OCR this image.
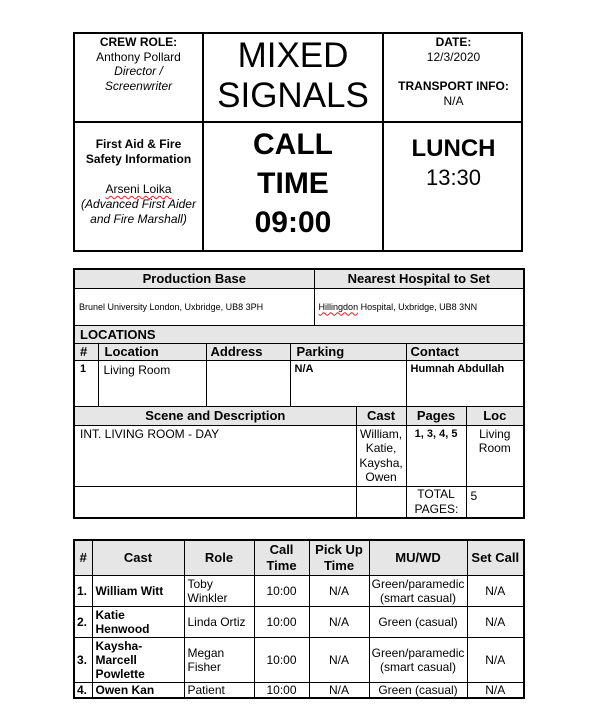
CREW ROLE:
Anthony Pollard
Director /
Screenwriter
MIXED
SIGNALS
DATE:
12/3/2020
TRANSPORT INFO:
N/A
First Aid & Fire
Safety Information
Arseni Loika
(Advanced First Aider
and Fire Marshall)
CALL
TIME
09:00
LUNCH
13:30
Production Base				Nearest Hospital to Set			
Brunel University London, Uxbridge, UB8 3PH				Hillingdon Hospital, Uxbridge, UB8 3NN			
LOCATIONS							
#	Location	Address	Parking			Contact	
1	Living Room		N/A			Humnah Abdullah	
Scene and Description					Cast	Pages	Loc
INT. LIVING ROOM - DAY					William, Katie, Kaysha, Owen	1, 3, 4, 5	Living Room
						TOTAL PAGES:	5
#	Cast	Role	Call Time	Pick Up Time	MU/WD	Set Call
1.	William Witt	Toby Winkler	10:00	N/A	Green/paramedic (smart casual)	N/A
2.	Katie Henwood	Linda Ortiz	10:00	N/A	Green (casual)	N/A
3.	Kaysha-Marcell Powlette	Megan Fisher	10:00	N/A	Green/paramedic (smart casual)	N/A
4.	Owen Kan	Patient	10:00	N/A	Green (casual)	N/A
